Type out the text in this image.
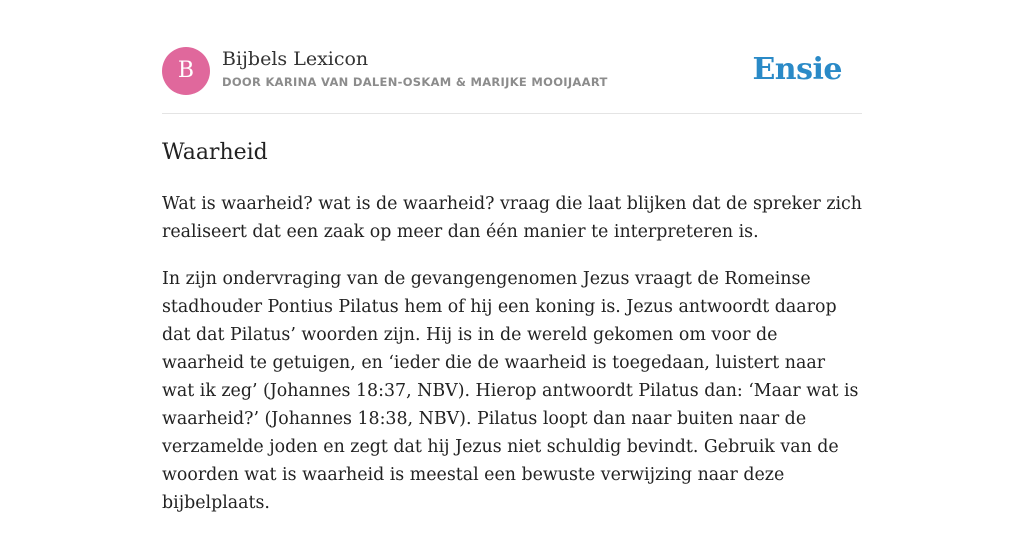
B	Bijbels Lexicon
DOOR KARINA VAN DALEN-OSKAM & MARIJKE MOOIJAART	Ensie
Waarheid

Wat is waarheid? wat is de waarheid? vraag die laat blijken dat de spreker zich realiseert dat een zaak op meer dan één manier te interpreteren is.

In zijn ondervraging van de gevangengenomen Jezus vraagt de Romeinse stadhouder Pontius Pilatus hem of hij een koning is. Jezus antwoordt daarop dat dat Pilatus’ woorden zijn. Hij is in de wereld gekomen om voor de waarheid te getuigen, en ‘ieder die de waarheid is toegedaan, luistert naar wat ik zeg’ (Johannes 18:37, NBV). Hierop antwoordt Pilatus dan: ‘Maar wat is waarheid?’ (Johannes 18:38, NBV). Pilatus loopt dan naar buiten naar de verzamelde joden en zegt dat hij Jezus niet schuldig bevindt. Gebruik van de woorden wat is waarheid is meestal een bewuste verwijzing naar deze bijbelplaats.
